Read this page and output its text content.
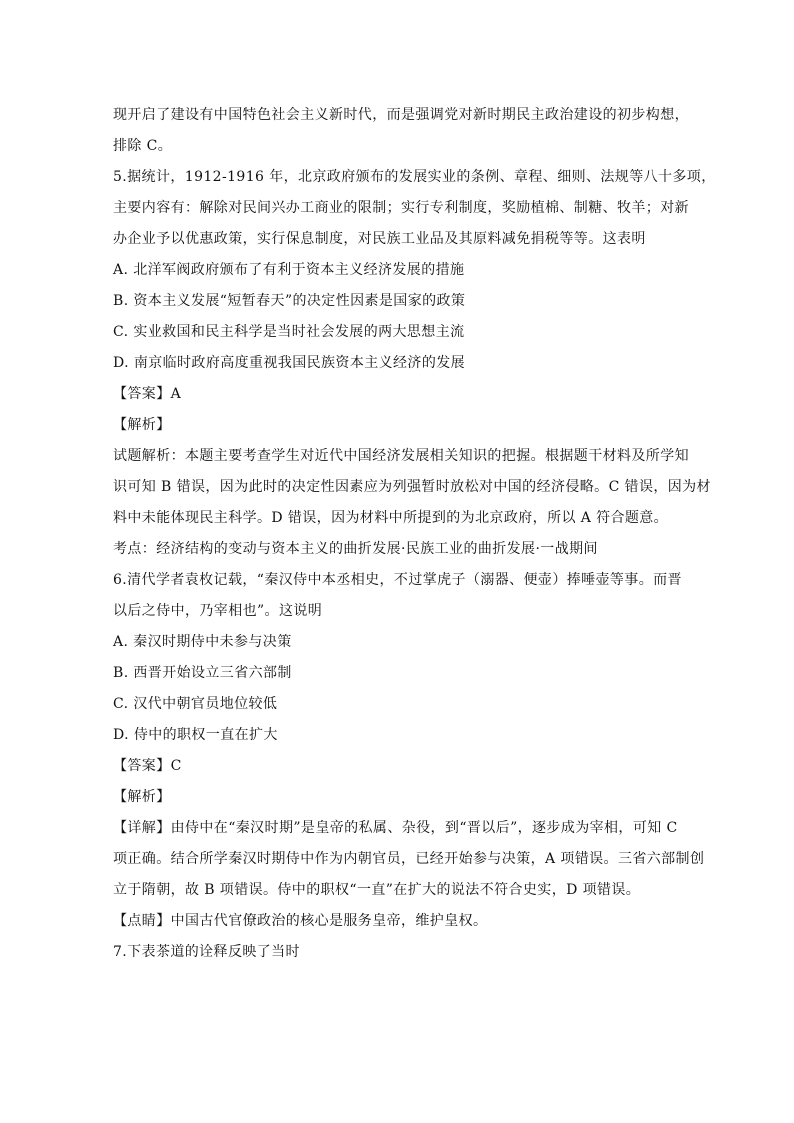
现开启了建设有中国特色社会主义新时代，而是强调党对新时期民主政治建设的初步构想，
排除 C。
5.据统计，1912-1916 年，北京政府颁布的发展实业的条例、章程、细则、法规等八十多项，
主要内容有：解除对民间兴办工商业的限制；实行专利制度，奖励植棉、制糖、牧羊；对新
办企业予以优惠政策，实行保息制度，对民族工业品及其原料减免捐税等等。这表明
A. 北洋军阀政府颁布了有利于资本主义经济发展的措施
B. 资本主义发展“短暂春天”的决定性因素是国家的政策
C. 实业救国和民主科学是当时社会发展的两大思想主流
D. 南京临时政府高度重视我国民族资本主义经济的发展
【答案】A
【解析】
试题解析：本题主要考查学生对近代中国经济发展相关知识的把握。根据题干材料及所学知
识可知 B 错误，因为此时的决定性因素应为列强暂时放松对中国的经济侵略。C 错误，因为材
料中未能体现民主科学。D 错误，因为材料中所提到的为北京政府，所以 A 符合题意。
考点：经济结构的变动与资本主义的曲折发展·民族工业的曲折发展·一战期间
6.清代学者袁枚记载，“秦汉侍中本丞相史，不过掌虎子（溺器、便壶）捧唾壶等事。而晋
以后之侍中，乃宰相也”。这说明
A. 秦汉时期侍中未参与决策
B. 西晋开始设立三省六部制
C. 汉代中朝官员地位较低
D. 侍中的职权一直在扩大
【答案】C
【解析】
【详解】由侍中在“秦汉时期”是皇帝的私属、杂役，到“晋以后”，逐步成为宰相，可知 C
项正确。结合所学秦汉时期侍中作为内朝官员，已经开始参与决策，A 项错误。三省六部制创
立于隋朝，故 B 项错误。侍中的职权“一直”在扩大的说法不符合史实，D 项错误。
【点睛】中国古代官僚政治的核心是服务皇帝，维护皇权。
7.下表茶道的诠释反映了当时
